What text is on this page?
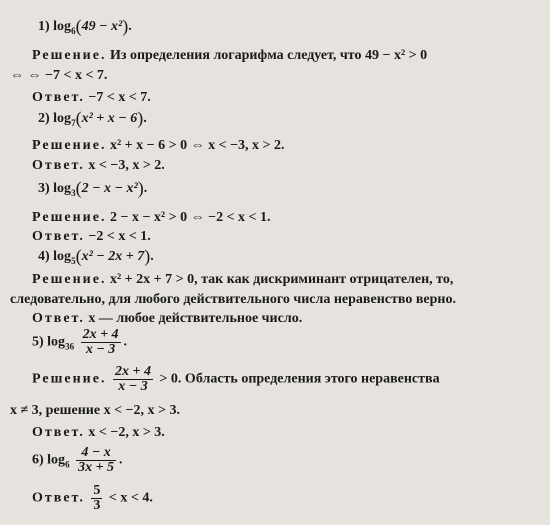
1) $\log_6(49 - x^2)$.
Решение. Из определения логарифма следует, что 49 − x² > 0
⇔ ⇔ −7 < x < 7.
Ответ. −7 < x < 7.
2) $\log_7(x^2 + x - 6)$.
Решение. x² + x − 6 > 0 ⇔ x < −3, x > 2.
Ответ. x < −3, x > 2.
3) $\log_3(2 - x - x^2)$.
Решение. 2 − x − x² > 0 ⇔ −2 < x < 1.
Ответ. −2 < x < 1.
4) $\log_5(x^2 - 2x + 7)$.
Решение. x² + 2x + 7 > 0, так как дискриминант отрицателен, то,
следовательно, для любого действительного числа неравенство верно.
Ответ. x — любое действительное число.
5) $\log_{36} \frac{2x + 4}{x - 3}$ .
Решение. $\frac{2x + 4}{x - 3} > 0$. Область определения этого неравенства
x ≠ 3, решение x < −2, x > 3.
Ответ. x < −2, x > 3.
6) $\log_6 \frac{4 - x}{3x + 5}$ .
Ответ. $\frac{5}{3} < x < 4$.
